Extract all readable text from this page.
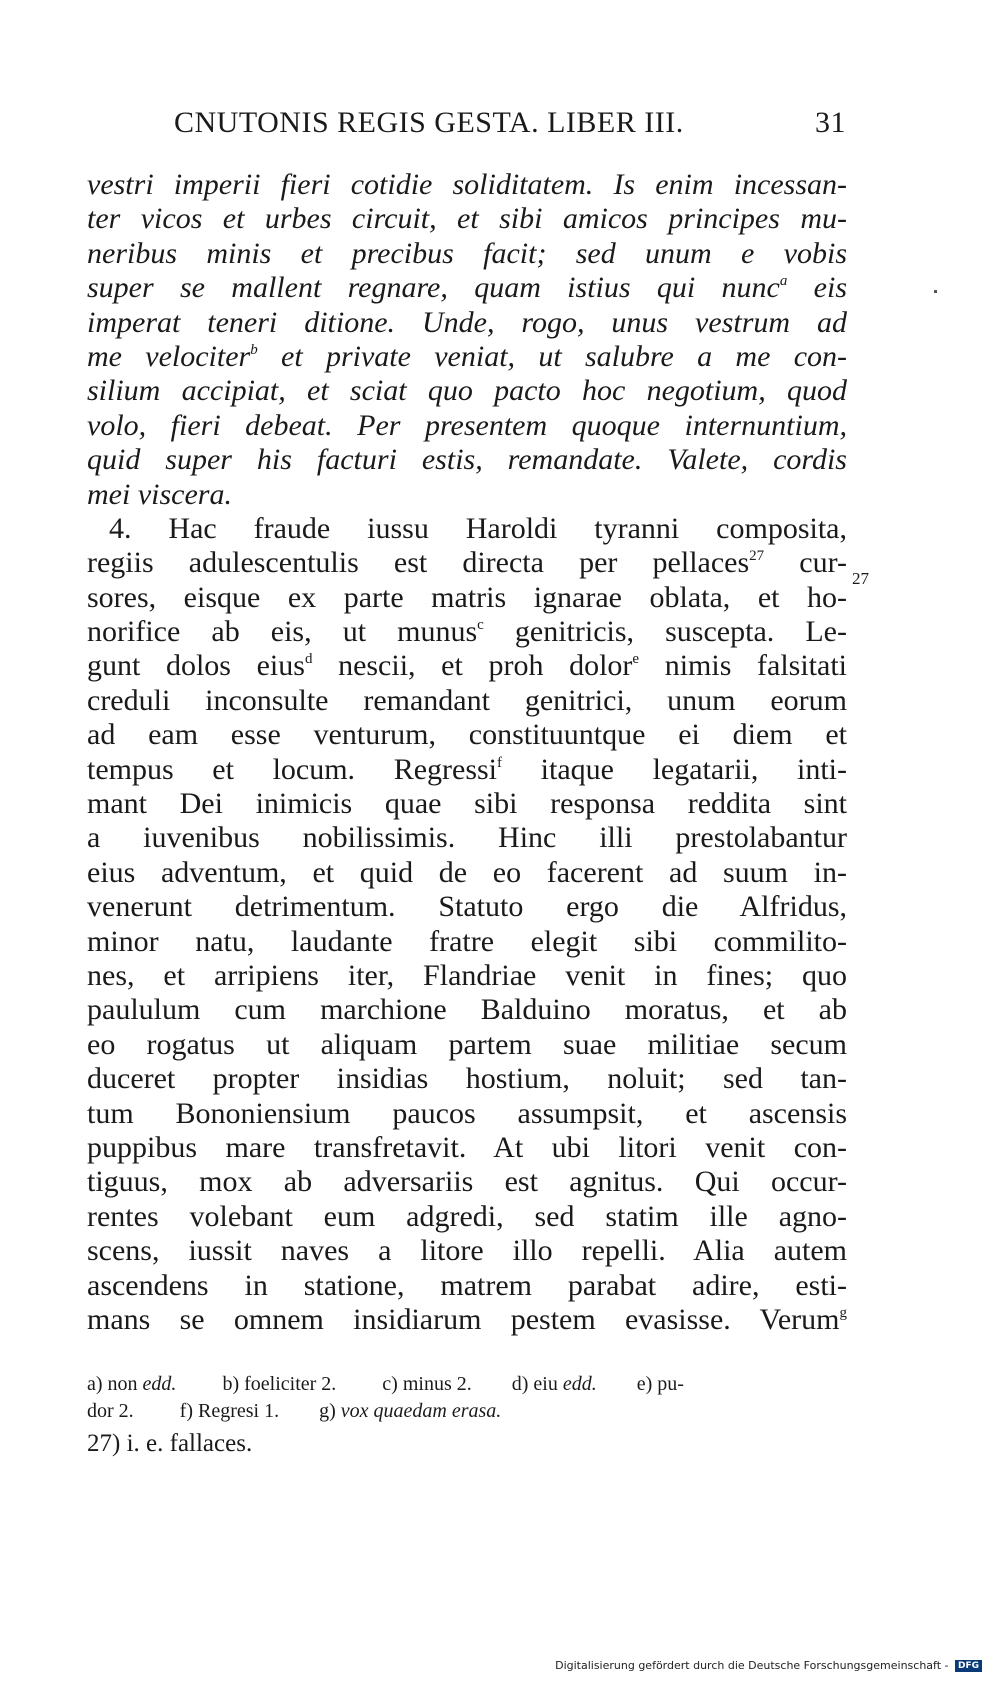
CNUTONIS REGIS GESTA. LIBER III.	31
vestri imperii fieri cotidie soliditatem. Is enim incessan-
ter vicos et urbes circuit, et sibi amicos principes mu-
neribus minis et precibus facit; sed unum e vobis
super se mallent regnare, quam istius qui nunc$^a$ eis
imperat teneri ditione. Unde, rogo, unus vestrum ad
me velociter$^b$ et private veniat, ut salubre a me con-
silium accipiat, et sciat quo pacto hoc negotium, quod
volo, fieri debeat. Per presentem quoque internuntium,
quid super his facturi estis, remandate. Valete, cordis
mei viscera.
4. Hac fraude iussu Haroldi tyranni composita,
regiis adulescentulis est directa per pellaces$^{27}$ cur-
sores, eisque ex parte matris ignarae oblata, et ho-
norifice ab eis, ut munus$^c$ genitricis, suscepta. Le-
gunt dolos eius$^d$ nescii, et proh dolor$^e$ nimis falsitati
creduli inconsulte remandant genitrici, unum eorum
ad eam esse venturum, constituuntque ei diem et
tempus et locum. Regressi$^f$ itaque legatarii, inti-
mant Dei inimicis quae sibi responsa reddita sint
a iuvenibus nobilissimis. Hinc illi prestolabantur
eius adventum, et quid de eo facerent ad suum in-
venerunt detrimentum. Statuto ergo die Alfridus,
minor natu, laudante fratre elegit sibi commilito-
nes, et arripiens iter, Flandriae venit in fines; quo
paululum cum marchione Balduino moratus, et ab
eo rogatus ut aliquam partem suae militiae secum
duceret propter insidias hostium, noluit; sed tan-
tum Bononiensium paucos assumpsit, et ascensis
puppibus mare transfretavit. At ubi litori venit con-
tiguus, mox ab adversariis est agnitus. Qui occur-
rentes volebant eum adgredi, sed statim ille agno-
scens, iussit naves a litore illo repelli. Alia autem
ascendens in statione, matrem parabat adire, esti-
mans se omnem insidiarum pestem evasisse. Verum$^g$
27
a) non edd. b) foeliciter 2. c) minus 2. d) eiu edd. e) pu-
dor 2. f) Regresi 1. g) vox quaedam erasa.
27) i. e. fallaces.
Digitalisierung gefördert durch die Deutsche Forschungsgemeinschaft - DFG
